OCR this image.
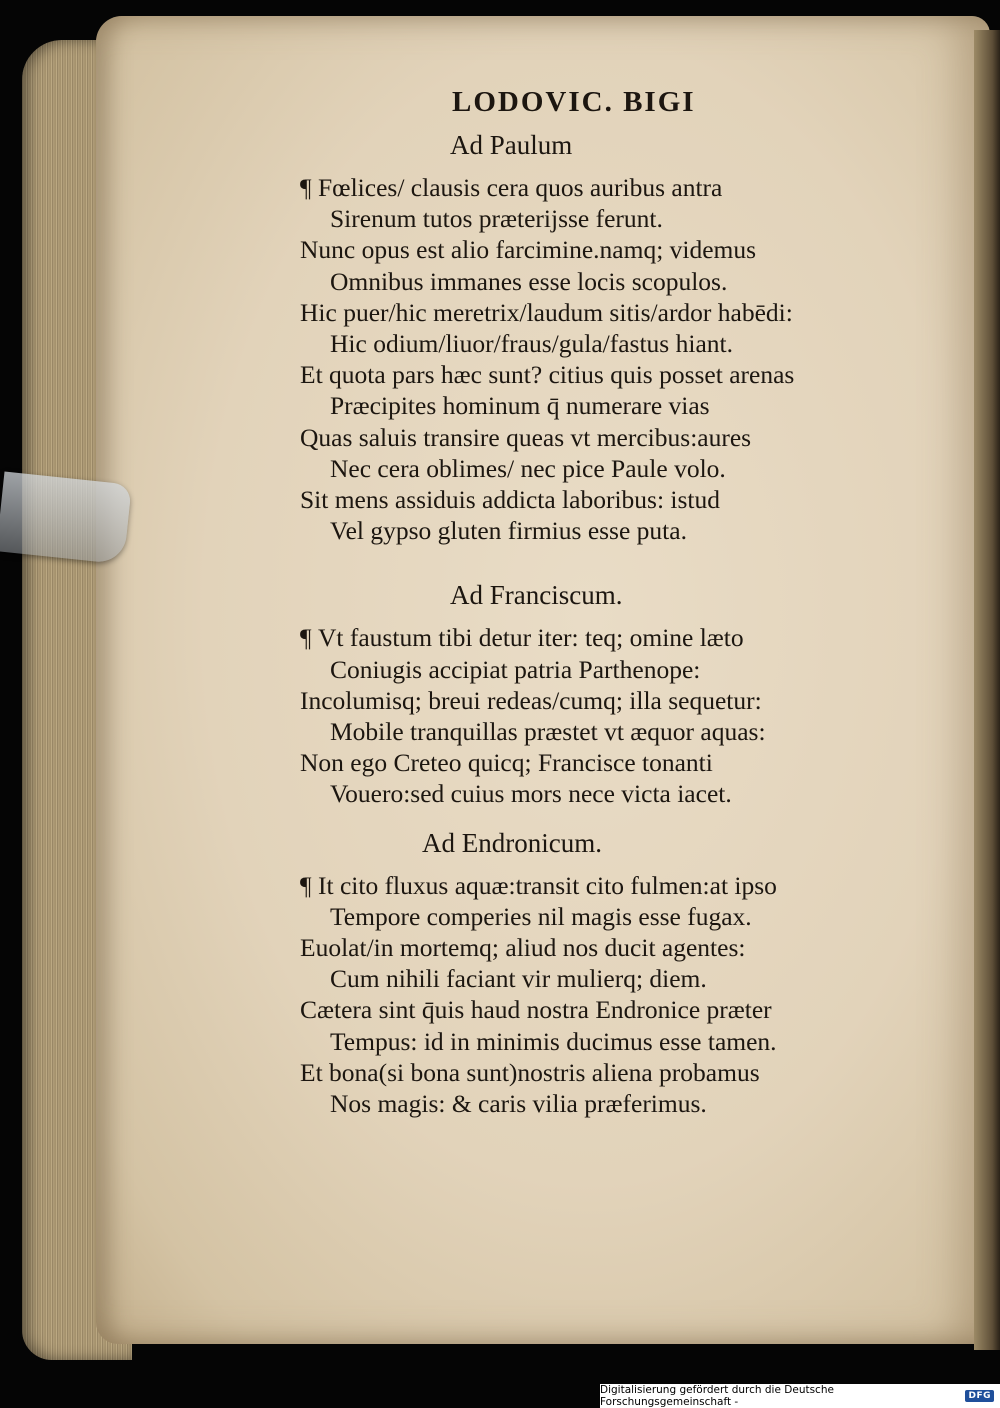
LODOVIC. BIGI
Ad Paulum
¶ Fœlices/ clausis cera quos auribus antra
Sirenum tutos præterijsse ferunt.
Nunc opus est alio farcimine.namq; videmus
Omnibus immanes esse locis scopulos.
Hic puer/hic meretrix/laudum sitis/ardor habēdi:
Hic odium/liuor/fraus/gula/fastus hiant.
Et quota pars hæc sunt? citius quis posset arenas
Præcipites hominum q̄ numerare vias
Quas saluis transire queas vt mercibus:aures
Nec cera oblimes/ nec pice Paule volo.
Sit mens assiduis addicta laboribus: istud
Vel gypso gluten firmius esse puta.
Ad Franciscum.
¶ Vt faustum tibi detur iter: teq; omine læto
Coniugis accipiat patria Parthenope:
Incolumisq; breui redeas/cumq; illa sequetur:
Mobile tranquillas præstet vt æquor aquas:
Non ego Creteo quicq; Francisce tonanti
Vouero:sed cuius mors nece victa iacet.
Ad Endronicum.
¶ It cito fluxus aquæ:transit cito fulmen:at ipso
Tempore comperies nil magis esse fugax.
Euolat/in mortemq; aliud nos ducit agentes:
Cum nihili faciant vir mulierq; diem.
Cætera sint q̄uis haud nostra Endronice præter
Tempus: id in minimis ducimus esse tamen.
Et bona(si bona sunt)nostris aliena probamus
Nos magis: & caris vilia præferimus.
Digitalisierung gefördert durch die Deutsche Forschungsgemeinschaft -	DFG
